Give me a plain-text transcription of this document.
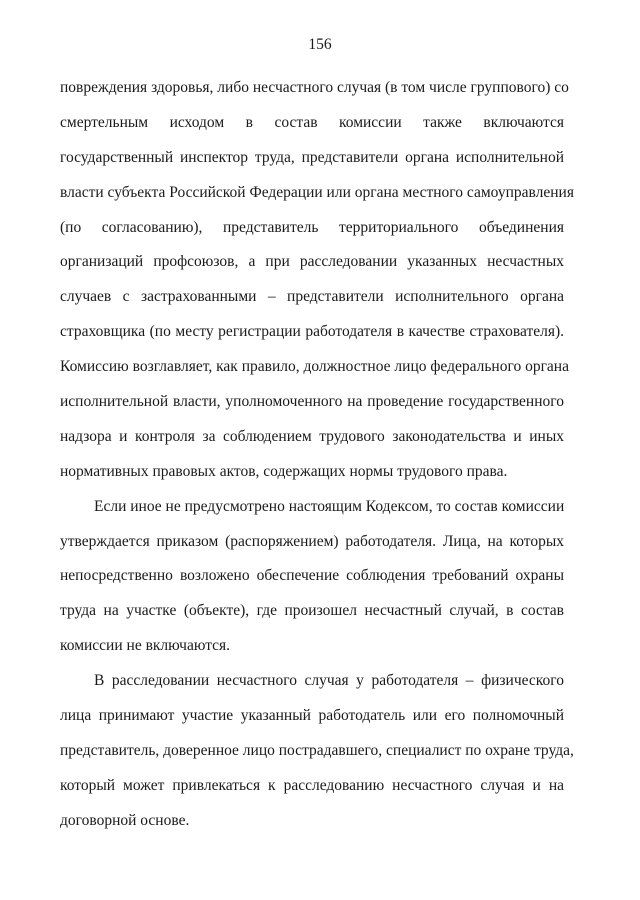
156
повреждения здоровья, либо несчастного случая (в том числе группового) со
смертельным исходом в состав комиссии также включаются
государственный инспектор труда, представители органа исполнительной
власти субъекта Российской Федерации или органа местного самоуправления
(по согласованию), представитель территориального объединения
организаций профсоюзов, а при расследовании указанных несчастных
случаев с застрахованными – представители исполнительного органа
страховщика (по месту регистрации работодателя в качестве страхователя).
Комиссию возглавляет, как правило, должностное лицо федерального органа
исполнительной власти, уполномоченного на проведение государственного
надзора и контроля за соблюдением трудового законодательства и иных
нормативных правовых актов, содержащих нормы трудового права.
Если иное не предусмотрено настоящим Кодексом, то состав комиссии
утверждается приказом (распоряжением) работодателя. Лица, на которых
непосредственно возложено обеспечение соблюдения требований охраны
труда на участке (объекте), где произошел несчастный случай, в состав
комиссии не включаются.
В расследовании несчастного случая у работодателя – физического
лица принимают участие указанный работодатель или его полномочный
представитель, доверенное лицо пострадавшего, специалист по охране труда,
который может привлекаться к расследованию несчастного случая и на
договорной основе.
